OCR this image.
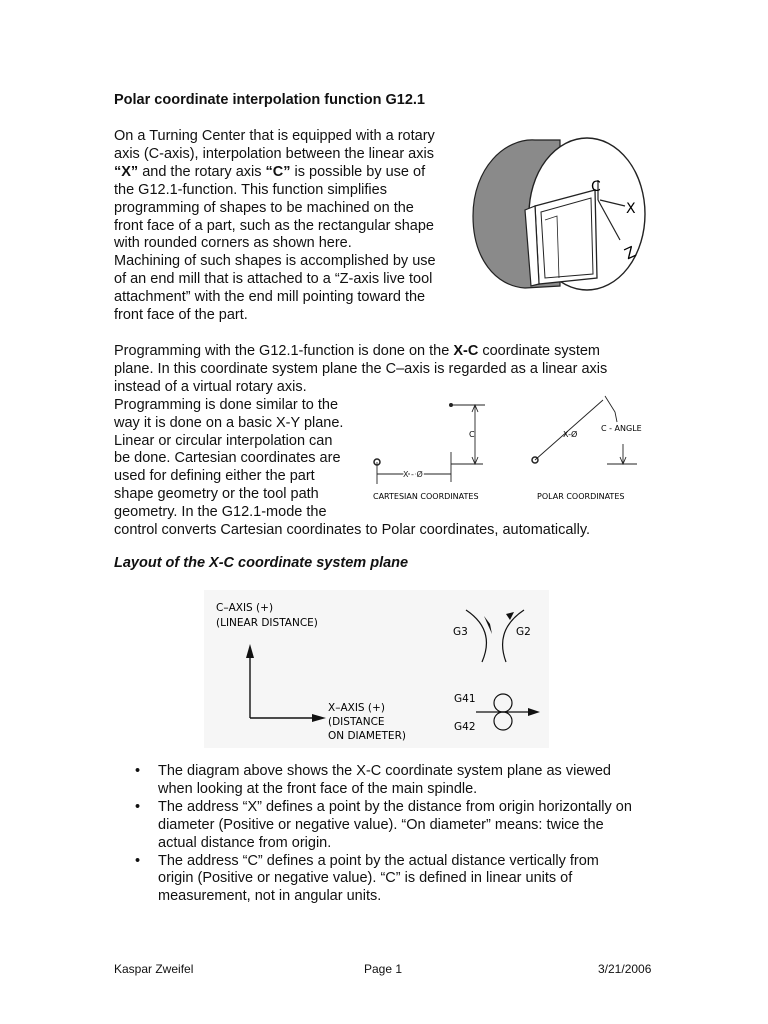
Polar coordinate interpolation function G12.1
On a Turning Center that is equipped with a rotary
axis (C-axis), interpolation between the linear axis
“X” and the rotary axis “C” is possible by use of
the G12.1-function. This function simplifies
programming of shapes to be machined on the
front face of a part, such as the rectangular shape
with rounded corners as shown here.
Machining of such shapes is accomplished by use
of an end mill that is attached to a “Z-axis live tool
attachment” with the end mill pointing toward the
front face of the part.
C
X
Z
Programming with the G12.1-function is done on the X-C coordinate system
plane. In this coordinate system plane the C–axis is regarded as a linear axis
instead of a virtual rotary axis.
Programming is done similar to the
way it is done on a basic X-Y plane.
Linear or circular interpolation can
be done. Cartesian coordinates are
used for defining either the part
shape geometry or the tool path
geometry. In the G12.1-mode the
control converts Cartesian coordinates to Polar coordinates, automatically.
C
X - Ø
CARTESIAN COORDINATES
X-Ø
C - ANGLE
POLAR COORDINATES
Layout of the X-C coordinate system plane
C–AXIS (+)
(LINEAR DISTANCE)
X–AXIS (+)
(DISTANCE
ON DIAMETER)
G3	G2
G41
G42
• The diagram above shows the X-C coordinate system plane as viewed
when looking at the front face of the main spindle.
• The address “X” defines a point by the distance from origin horizontally on
diameter (Positive or negative value). “On diameter” means: twice the
actual distance from origin.
• The address “C” defines a point by the actual distance vertically from
origin (Positive or negative value). “C” is defined in linear units of
measurement, not in angular units.
Kaspar Zweifel	Page 1	3/21/2006
